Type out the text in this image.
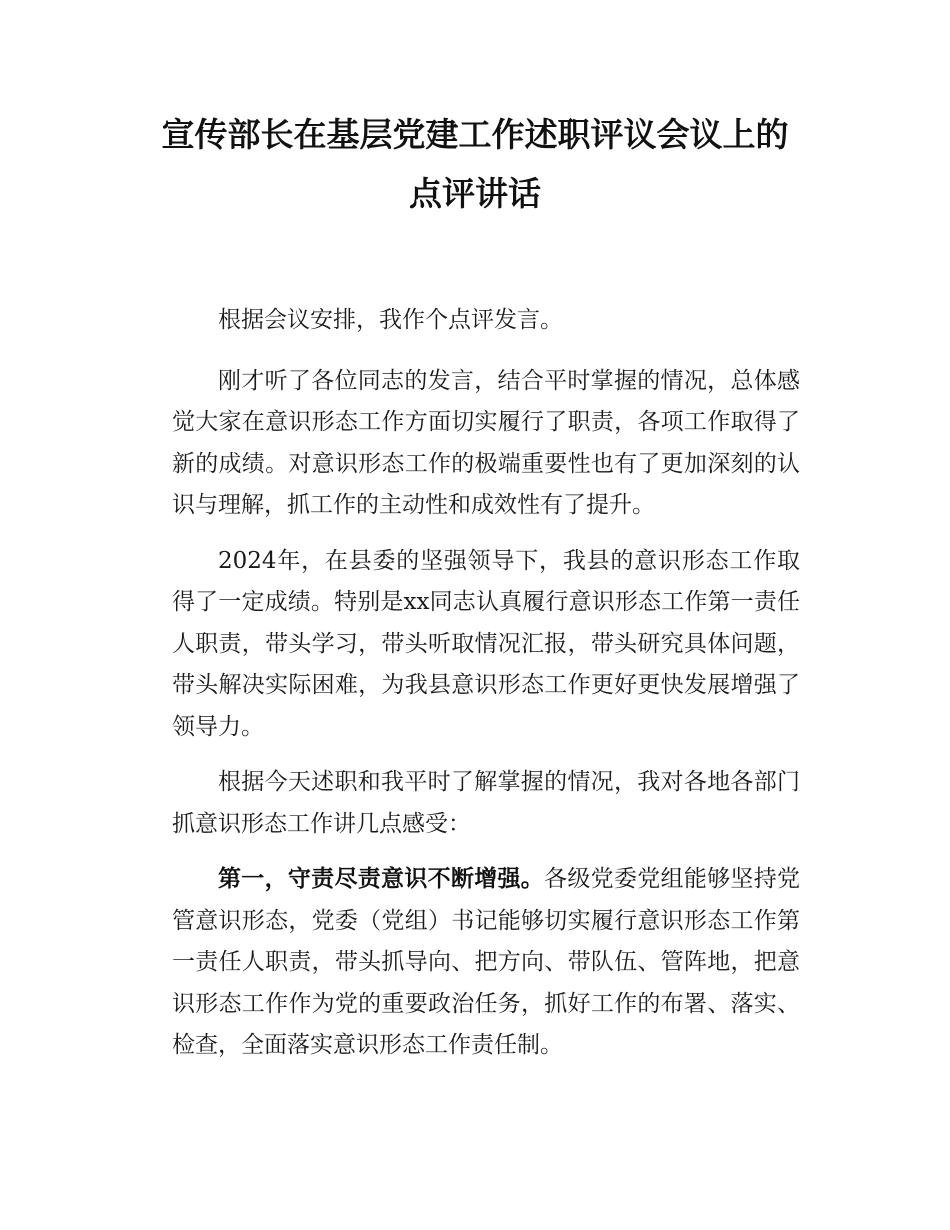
宣传部长在基层党建工作述职评议会议上的
点评讲话

根据会议安排，我作个点评发言。

刚才听了各位同志的发言，结合平时掌握的情况，总体感觉大家在意识形态工作方面切实履行了职责，各项工作取得了新的成绩。对意识形态工作的极端重要性也有了更加深刻的认识与理解，抓工作的主动性和成效性有了提升。

2024年，在县委的坚强领导下，我县的意识形态工作取得了一定成绩。特别是xx同志认真履行意识形态工作第一责任人职责，带头学习，带头听取情况汇报，带头研究具体问题，带头解决实际困难，为我县意识形态工作更好更快发展增强了领导力。

根据今天述职和我平时了解掌握的情况，我对各地各部门抓意识形态工作讲几点感受：

第一，守责尽责意识不断增强。各级党委党组能够坚持党管意识形态，党委（党组）书记能够切实履行意识形态工作第一责任人职责，带头抓导向、把方向、带队伍、管阵地，把意识形态工作作为党的重要政治任务，抓好工作的布署、落实、检查，全面落实意识形态工作责任制。
